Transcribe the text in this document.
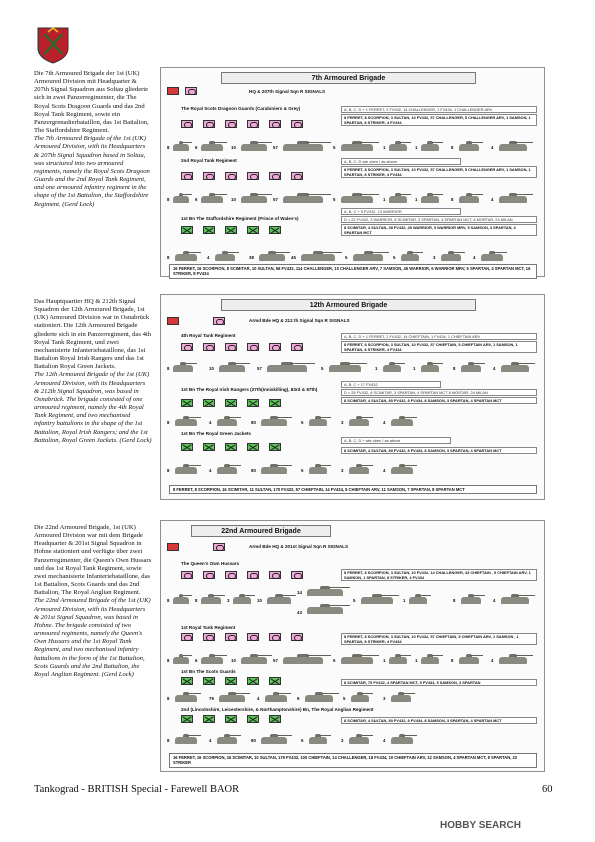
Die 7th Armoured Brigade der 1st (UK) Armoured Division mit Headquarter & 207th Signal Squadron aus Soltau gliederte sich in zwei Panzerregimenter, die The Royal Scots Dragoon Guards und das 2nd Royal Tank Regiment, sowie ein Panzergrenadierbataillon, das 1st Battalion, The Staffordshire Regiment.
The 7th Armoured Brigade of the 1st (UK) Armoured Division, with its Headquarters & 207th Signal Squadron based in Soltau, was structured into two armoured regiments, namely the Royal Scots Dragoon Guards and the 2nd Royal Tank Regiment, and one armoured infantry regiment in the shape of the 1st Battalion, the Staffordshire Regiment. (Gerd Lock)
7th Armoured Brigade
HQ & 207th Signal Sqn R SIGNALS
The Royal Scots Dragoon Guards (Carabiniers & Grey)	A, B, C, D + 1 FERRET, 2 FV432, 14 CHALLENGER, 1 FV434, 1 CHALLENGER ARV
8 FERRET, 8 SCORPION, 3 SULTAN, 10 FV432, 57 CHALLENGER, 5 CHALLENGER ARV, 1 SAMSON, 1 SPARTAN, 8 STRIKER, 4 FV434
8	6	10	57	5	1	1	8	4
2nd Royal Tank Regiment	A, B, C, D wie oben / as above
8 FERRET, 8 SCORPION, 3 SULTAN, 10 FV432, 57 CHALLENGER, 5 CHALLENGER ARV, 1 SAMSON, 1 SPARTAN, 8 STRIKER, 4 FV434
8	6	10	57	5	1	1	8	4
A, B, C + 5 FV432, 13 WARRIOR
1st Bn The Staffordshire Regiment (Prince of Wales's)	D = 22 FV432, 3 WARRIOR, 8 SCIMITAR, 3 SPARTAN, 4 SPARTAN MCT, 8 MORTAR, 24 MILAN
8 SCIMITAR, 4 SULTAN, 38 FV432, 45 WARRIOR, 5 WARRIOR MRV, 5 SAMSON, 3 SPARTAN, 4 SPARTAN MCT
8	4	38	45	5	5	3	4
16 FERRET, 16 SCORPION, 8 SCIMITAR, 10 SULTAN, 58 FV432, 114 CHALLENGER, 10 CHALLENGER ARV, 7 SAMSON, 45 WARRIOR, 5 WARRIOR MRV, 5 SPARTAN, 4 SPARTAN MCT, 16 STRIKER, 8 FV434
Das Hauptquartier HQ & 212th Signal Squadron der 12th Armoured Brigade, 1st (UK) Armoured Division war in Osnabrück stationiert. Die 12th Armoured Brigade gliederte sich in ein Panzerregiment, das 4th Royal Tank Regiment, und zwei mechanisierte Infanteriebataillone, das 1st Battalion Royal Irish Rangers und das 1st Battalion Royal Green Jackets.
The 12th Armoured Brigade of the 1st (UK) Armoured Division, with its Headquarters & 212th Signal Squadron, was based in Osnabrück. The brigade consisted of one armoured regiment, namely the 4th Royal Tank Regiment, and two mechanised infantry battalions in the shape of the 1st Battalion, Royal Irish Rangers; and the 1st Battalion, Royal Green Jackets. (Gerd Lock)
12th Armoured Brigade
Armd Bde HQ & 212 th Signal Sqn R SIGNALS
4th Royal Tank Regiment	A, B, C, D + 1 FERRET, 2 FV432, 14 CHIEFTAIN, 1 FV434, 1 CHIEFTAIN ARV
8 FERRET, 8 SCORPION, 3 SULTAN, 10 FV432, 57 CHIEFTAIN, 5 CHIEFTAIN ARV, 1 SAMSON, 1 SPARTAN, 8 STRIKER, 4 FV434
8	10	57	5	1	1	8	4
A, B, C + 17 FV432
1st Bn The Royal Irish Rangers (27th(Inniskilling), 83rd & 87th)
D = 25 FV432, 8 SCIMITAR, 3 SPARTAN, 4 SPARTAN MCT 8 MORTAR, 24 MILAN
8 SCIMITAR, 4 SULTAN, 80 FV432, 8 FV434, 8 SAMSON, 3 SPARTAN, 4 SPARTAN MCT
8	4	80	5	3	4
1st Bn The Royal Green Jackets
A, B, C, D + wie oben / as above
8 SCIMITAR, 4 SULTAN, 80 FV432, 8 FV434, 8 SAMSON, 3 SPARTAN, 4 SPARTAN MCT
8	4	80	5	3	4
8 FERRET, 8 SCORPION, 16 SCIMITAR, 11 SULTAN, 170 FV432, 57 CHIEFTAIN, 14 FV434, 5 CHIEFTAIN ARV, 11 SAMSON, 7 SPARTAN, 8 SPARTAN MCT
Die 22nd Armoured Brigade, 1st (UK) Armoured Division war mit dem Brigade Headquarter & 201st Signal Squadron in Hohne stationiert und verfügte über zwei Panzerregimenter, die Queen's Own Hussars und das 1st Royal Tank Regiment, sowie zwei mechanisierte Infanteriebataillone, das 1st Battalion, Scots Guards und das 2nd Battalion, The Royal Anglian Regiment.
The 22nd Armoured Brigade of the 1st (UK) Armoured Division, with its Headquarters & 201st Signal Squadron, was based in Hohne. The brigade consisted of two armoured regiments, namely the Queen's Own Hussars and the 1st Royal Tank Regiment, and two mechanised infantry battalions in the form of the 1st Battalion, Scots Guards and the 2nd Battalion, the Royal Anglian Regiment. (Gerd Lock)
22nd Armoured Brigade
Armd Bde HQ & 201st Signal Sqn R SIGNALS
The Queen's Own Hussars
8 FERRET, 8 SCORPION, 3 SULTAN, 10 FV432, 14 CHALLENGER, 43 CHIEFTAIN , 5 CHIEFTAIN ARV, 1 SAMSON, 1 SPARTAN, 8 STRIKER, 4 FV434
8	8	3	10
14
43
5	1	8	4
1st Royal Tank Regiment
8 FERRET, 8 SCORPION, 3 SULTAN, 10 FV432, 57 CHIEFTAIN, 5 CHIEFTAIN ARV, 1 SAMSON , 1 SPARTAN, 8 STRIKER, 4 FV434
8	6	10	57	5	1	1	8	4
1st Bn The Scots Guards
8 SCIMITAR, 79 FV432, 4 SPARTAN MCT, 9 FV434, 5 SAMSON, 3 SPARTAN
8	79	4	9	5	3
2nd (Lincolnshire, Leicestershire, & Northamptonshire) Bn, The Royal Anglian Regiment
8 SCIMITAR, 4 SULTAN, 80 FV432, 8 FV434, 8 SAMSON, 3 SPARTAN, 4 SPARTAN MCT
8	4	80	5	3	4
16 FERRET, 16 SCORPION, 16 SCIMITAR, 10 SULTAN, 179 FV432, 100 CHIEFTAIN, 14 CHALLENGER, 18 FV434, 10 CHIEFTAIN ARV, 12 SAMSON, 4 SPARTAN MCT, 8 SPARTAN, 22 STRIKER
Tankograd - BRITISH Special - Farewell BAOR	60
HOBBY SEARCH
